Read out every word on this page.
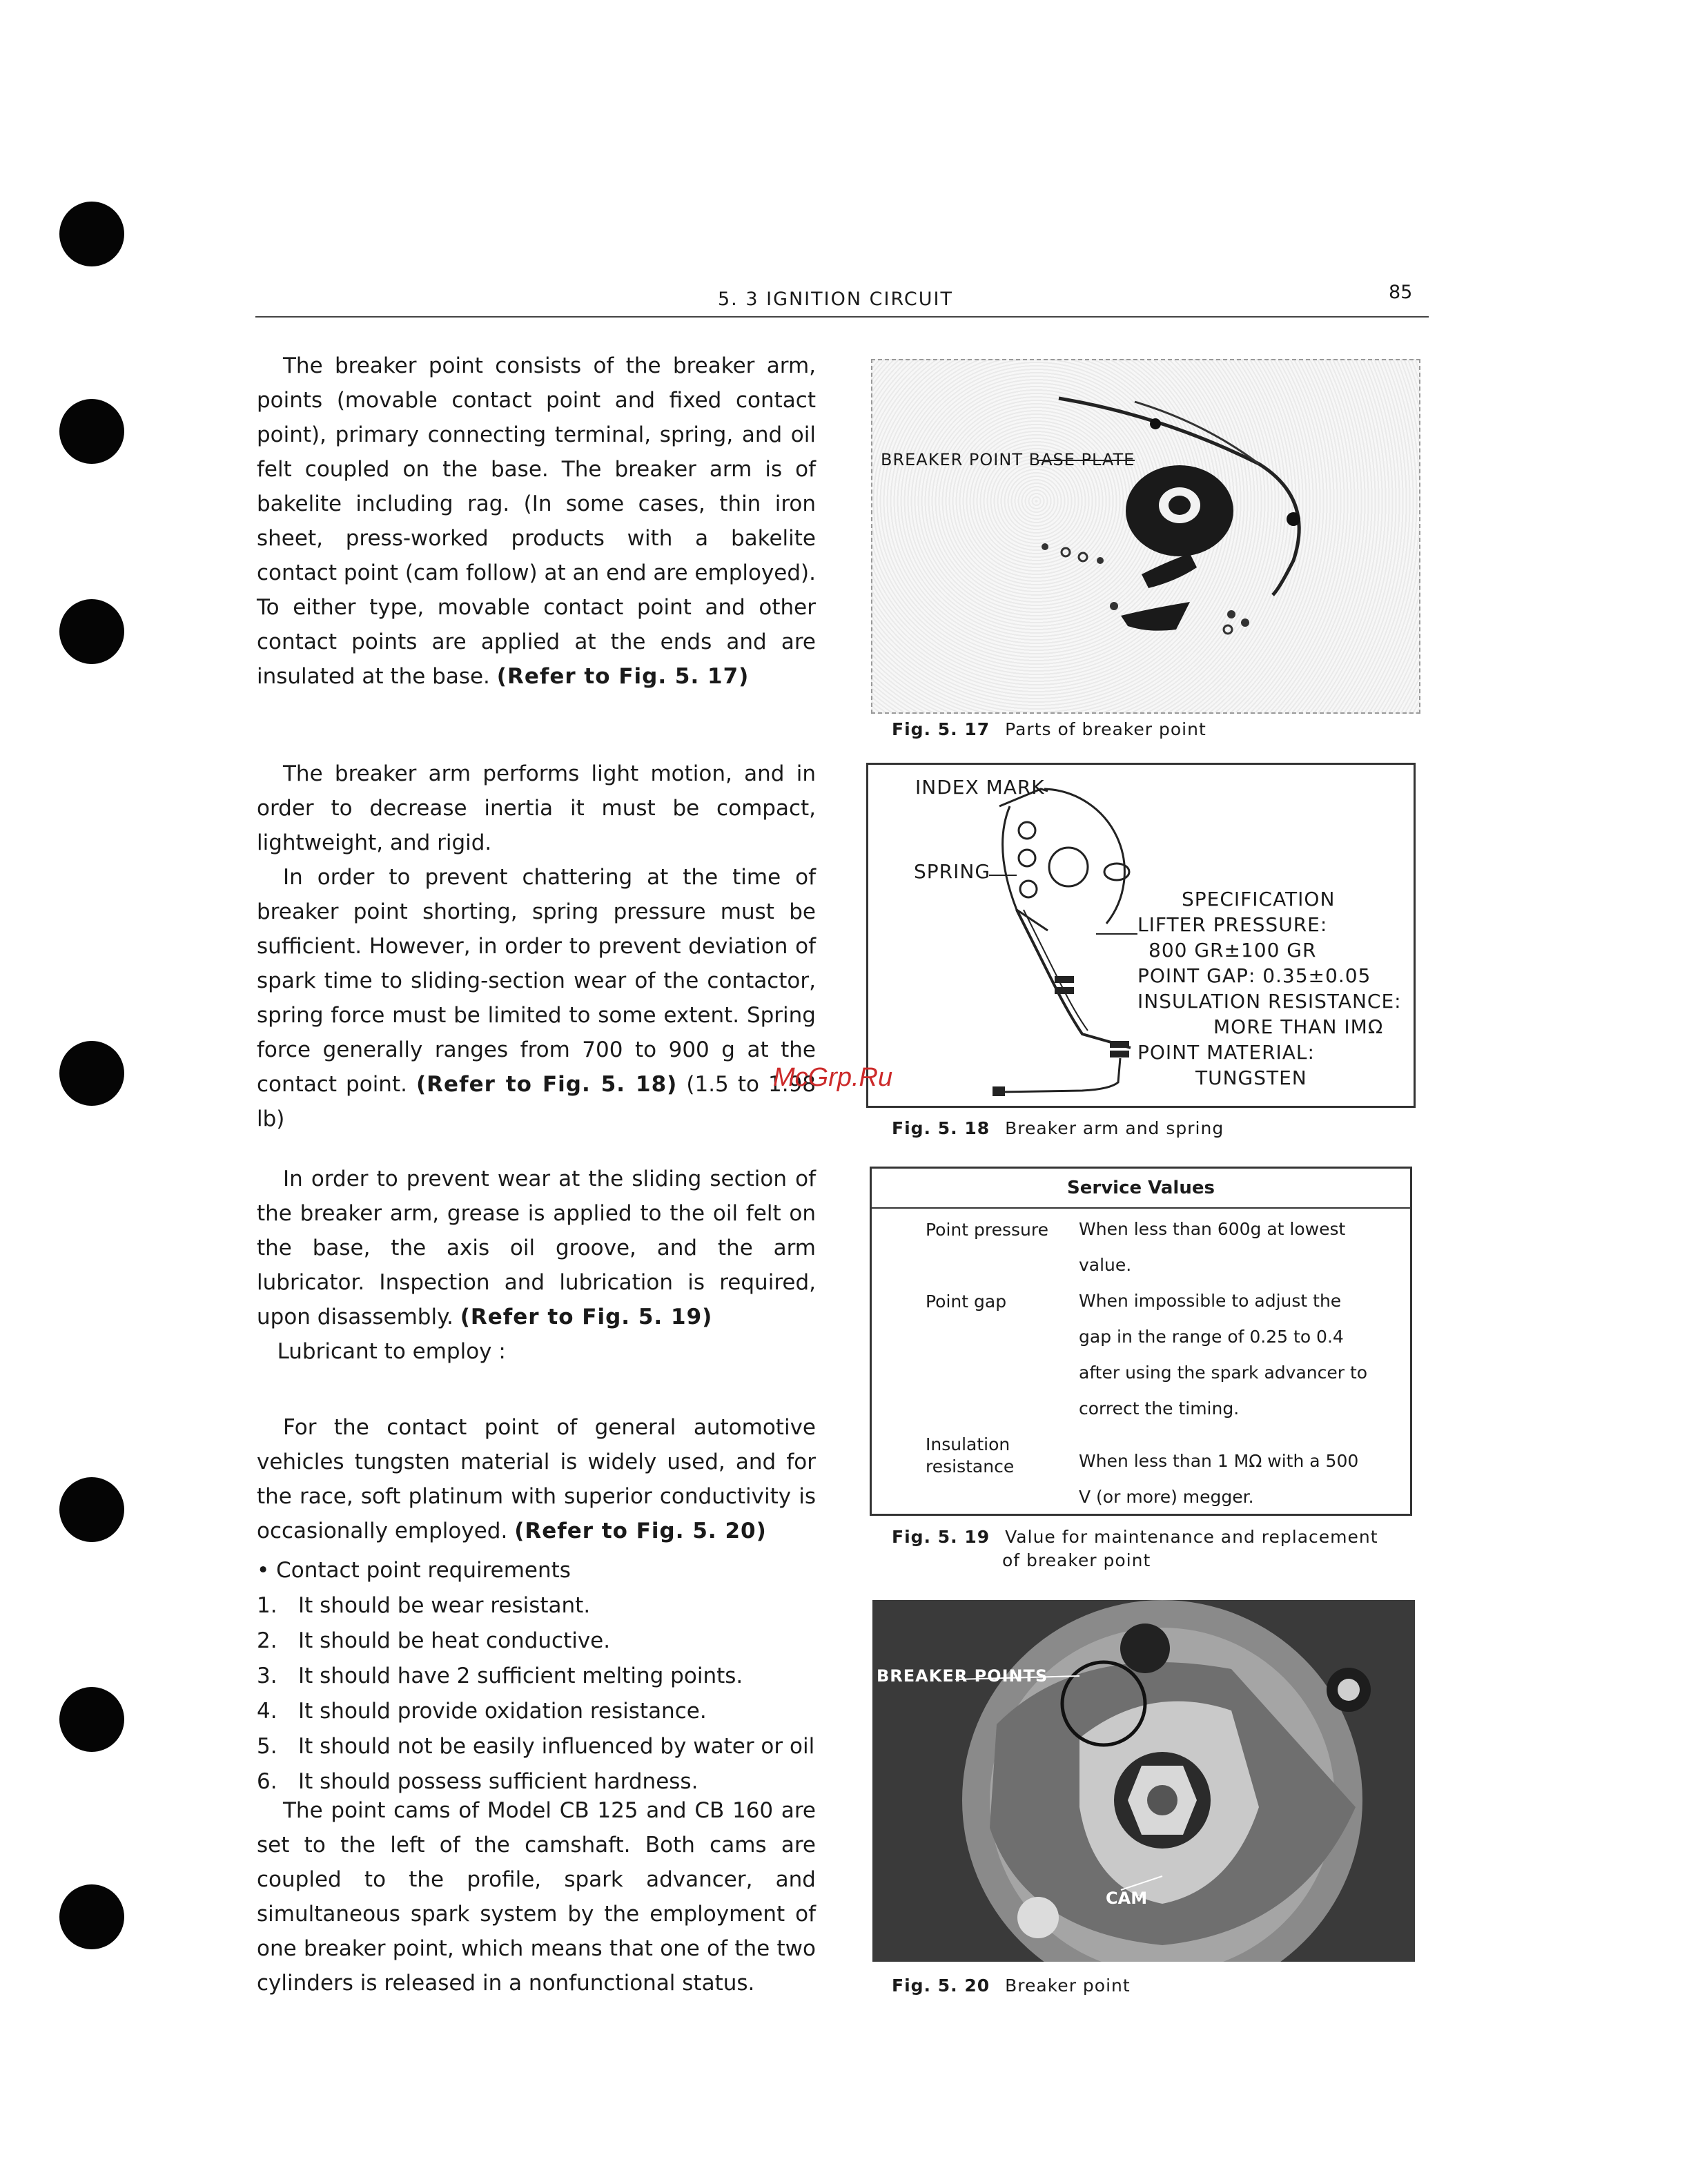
5. 3 IGNITION CIRCUIT	85

The breaker point consists of the breaker arm, points (movable contact point and fixed contact point), primary connecting terminal, spring, and oil felt coupled on the base. The breaker arm is of bakelite including rag. (In some cases, thin iron sheet, press-worked products with a bakelite contact point (cam follow) at an end are employed). To either type, movable contact point and other contact points are applied at the ends and are insulated at the base. (Refer to Fig. 5. 17)

The breaker arm performs light motion, and in order to decrease inertia it must be compact, lightweight, and rigid.

In order to prevent chattering at the time of breaker point shorting, spring pressure must be sufficient. However, in order to prevent deviation of spark time to sliding-section wear of the contactor, spring force must be limited to some extent. Spring force generally ranges from 700 to 900 g at the contact point. (Refer to Fig. 5. 18) (1.5 to 1.98 lb)

In order to prevent wear at the sliding section of the breaker arm, grease is applied to the oil felt on the base, the axis oil groove, and the arm lubricator. Inspection and lubrication is required, upon disassembly. (Refer to Fig. 5. 19)
Lubricant to employ :

For the contact point of general automotive vehicles tungsten material is widely used, and for the race, soft platinum with superior conductivity is occasionally employed. (Refer to Fig. 5. 20)

• Contact point requirements
1. It should be wear resistant.
2. It should be heat conductive.
3. It should have 2 sufficient melting points.
4. It should provide oxidation resistance.
5. It should not be easily influenced by water or oil
6. It should possess sufficient hardness.

The point cams of Model CB 125 and CB 160 are set to the left of the camshaft. Both cams are coupled to the profile, spark advancer, and simultaneous spark system by the employment of one breaker point, which means that one of the two cylinders is released in a nonfunctional status.

BREAKER POINT BASE PLATE
Fig. 5. 17 Parts of breaker point
INDEX MARK
SPRING
SPECIFICATION
LIFTER PRESSURE:
800 GR±100 GR
POINT GAP: 0.35±0.05
INSULATION RESISTANCE:
MORE THAN IMΩ
POINT MATERIAL:
TUNGSTEN
Fig. 5. 18 Breaker arm and spring
McGrp.Ru
Service Values
Point pressure When less than 600g at lowest value.
Point gap	When impossible to adjust the gap in the range of 0.25 to 0.4 after using the spark advancer to correct the timing.
Insulation resistance	When less than 1 MΩ with a 500 V (or more) megger.
Fig. 5. 19 Value for maintenance and replacement
of breaker point
BREAKER POINTS
CAM
Fig. 5. 20 Breaker point
